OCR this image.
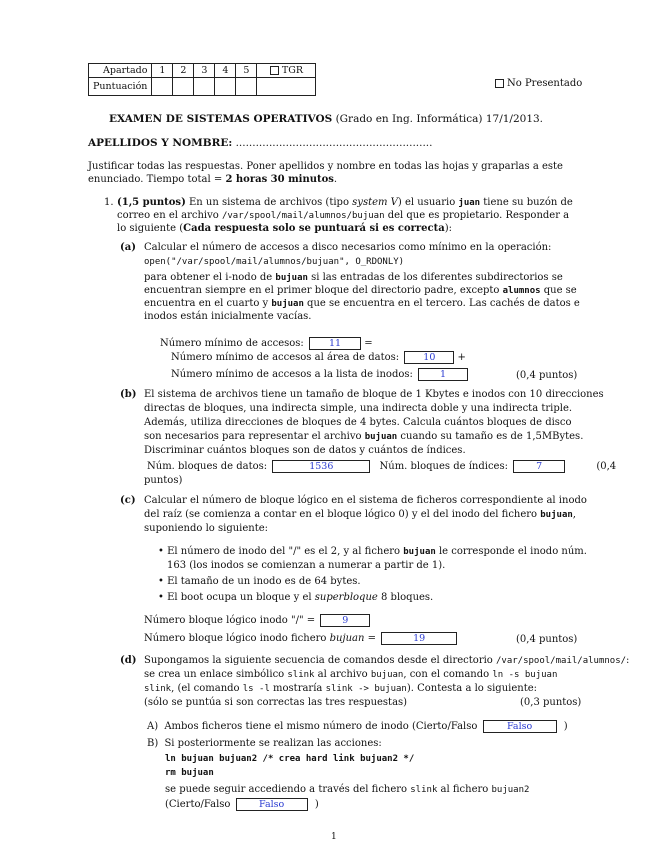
Apartado	1	2	3	4	5	TGR
Puntuación							No Presentado
EXAMEN DE SISTEMAS OPERATIVOS (Grado en Ing. Informática) 17/1/2013.
APELLIDOS Y NOMBRE: ...........................................................
Justificar todas las respuestas. Poner apellidos y nombre en todas las hojas y graparlas a este
enunciado. Tiempo total = 2 horas 30 minutos.
1. (1,5 puntos) En un sistema de archivos (tipo system V) el usuario juan tiene su buzón de
correo en el archivo /var/spool/mail/alumnos/bujuan del que es propietario. Responder a
lo siguiente (Cada respuesta solo se puntuará si es correcta):
(a) Calcular el número de accesos a disco necesarios como mínimo en la operación:
open("/var/spool/mail/alumnos/bujuan", O_RDONLY)
para obtener el i-nodo de bujuan si las entradas de los diferentes subdirectorios se
encuentran siempre en el primer bloque del directorio padre, excepto alumnos que se
encuentra en el cuarto y bujuan que se encuentra en el tercero. Las cachés de datos e
inodos están inicialmente vacías.
Número mínimo de accesos:	11 =
Número mínimo de accesos al área de datos:	10 +
Número mínimo de accesos a la lista de inodos:	1	(0,4 puntos)
(b) El sistema de archivos tiene un tamaño de bloque de 1 Kbytes e inodos con 10 direcciones
directas de bloques, una indirecta simple, una indirecta doble y una indirecta triple.
Además, utiliza direcciones de bloques de 4 bytes. Calcula cuántos bloques de disco
son necesarios para representar el archivo bujuan cuando su tamaño es de 1,5MBytes.
Discriminar cuántos bloques son de datos y cuántos de índices.
Núm. bloques de datos:	1536	Núm. bloques de índices:	7	(0,4
puntos)
(c) Calcular el número de bloque lógico en el sistema de ficheros correspondiente al inodo
del raíz (se comienza a contar en el bloque lógico 0) y el del inodo del fichero bujuan,
suponiendo lo siguiente:
• El número de inodo del "/" es el 2, y al fichero bujuan le corresponde el inodo núm.
163 (los inodos se comienzan a numerar a partir de 1).
• El tamaño de un inodo es de 64 bytes.
• El boot ocupa un bloque y el superbloque 8 bloques.
Número bloque lógico inodo "/" =	9
Número bloque lógico inodo fichero bujuan =	19	(0,4 puntos)
(d) Supongamos la siguiente secuencia de comandos desde el directorio /var/spool/mail/alumnos/:
se crea un enlace simbólico slink al archivo bujuan, con el comando ln -s bujuan
slink, (el comando ls -l mostraría slink -> bujuan). Contesta a lo siguiente:
(sólo se puntúa si son correctas las tres respuestas)	(0,3 puntos)
A) Ambos ficheros tiene el mismo número de inodo (Cierto/Falso	Falso	)
B) Si posteriormente se realizan las acciones:
ln bujuan bujuan2 /* crea hard link bujuan2 */
rm bujuan
se puede seguir accediendo a través del fichero slink al fichero bujuan2
(Cierto/Falso	Falso	)
1
